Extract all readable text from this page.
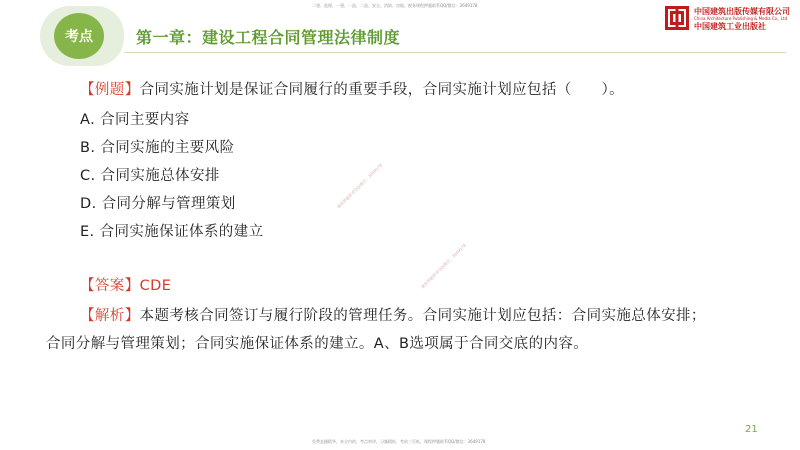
二建、监理、一建、一造、二造、安全、消防、房地、税务课程押题联系QQ/微信：3649178
考点	第一章：建设工程合同管理法律制度
中国建筑出版传媒有限公司
China Architecture Publishing & Media Co., Ltd
中国建筑工业出版社
【例题】合同实施计划是保证合同履行的重要手段，合同实施计划应包括（　　）。
A. 合同主要内容
B. 合同实施的主要风险
C. 合同实施总体安排
D. 合同分解与管理策划
E. 合同实施保证体系的建立
课程押题联系QQ/微信：3649178
课程押题联系QQ/微信：3649178
【答案】CDE
【解析】本题考核合同签订与履行阶段的管理任务。合同实施计划应包括：合同实施总体安排；
合同分解与管理策划；合同实施保证体系的建立。A、B选项属于合同交底的内容。
21
免费直播精华，来全内的，考点串讲，习题精析，考前三页纸，课程押题联系QQ/微信：3649178
